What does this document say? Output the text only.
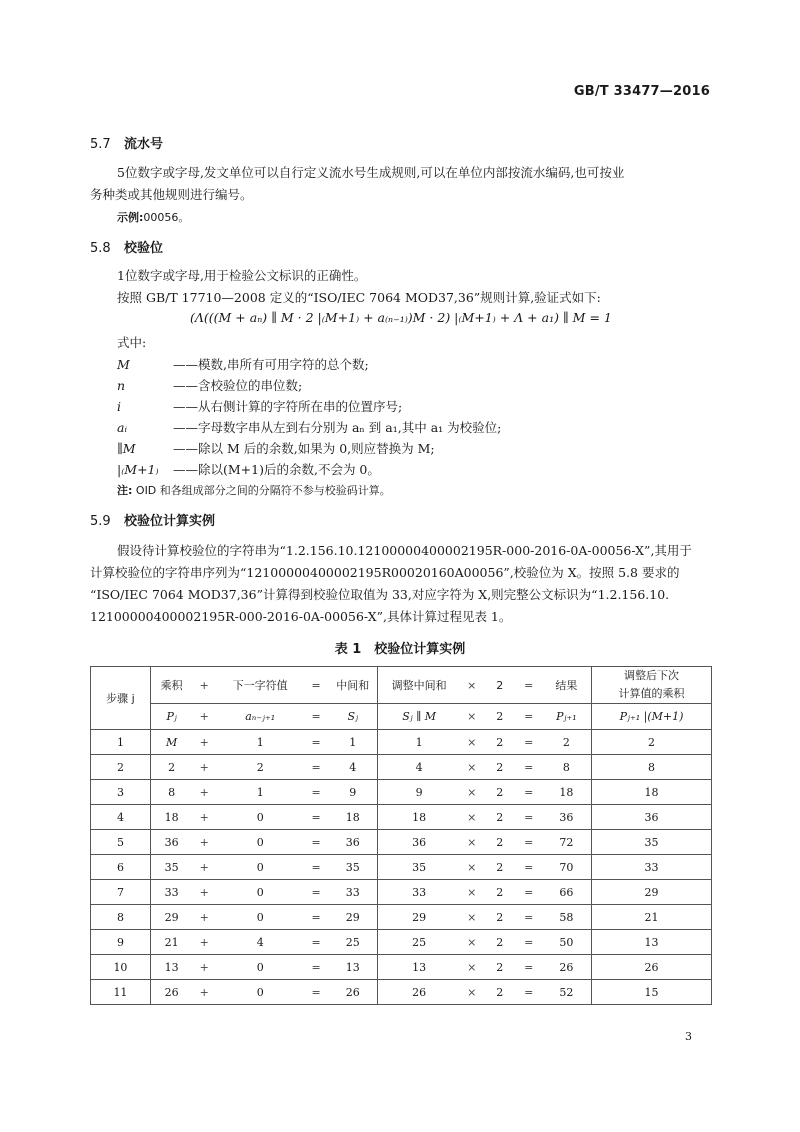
GB/T 33477—2016
5.7 流水号
5位数字或字母,发文单位可以自行定义流水号生成规则,可以在单位内部按流水编码,也可按业
务种类或其他规则进行编号。
示例:00056。
5.8 校验位
1位数字或字母,用于检验公文标识的正确性。
按照 GB/T 17710—2008 定义的“ISO/IEC 7064 MOD37,36”规则计算,验证式如下:
(Λ(((M + aₙ) ∥ M · 2 |₍M+1₎ + a₍ₙ₋₁₎)M · 2) |₍M+1₎ + Λ + a₁) ∥ M = 1
式中:
M	——模数,串所有可用字符的总个数;
n	——含校验位的串位数;
i	——从右侧计算的字符所在串的位置序号;
aᵢ	——字母数字串从左到右分别为 aₙ 到 a₁,其中 a₁ 为校验位;
∥M	——除以 M 后的余数,如果为 0,则应替换为 M;
|₍M+1₎ ——除以(M+1)后的余数,不会为 0。
注: OID 和各组成部分之间的分隔符不参与校验码计算。
5.9 校验位计算实例
假设待计算校验位的字符串为“1.2.156.10.12100000400002195R-000-2016-0A-00056-X”,其用于
计算校验位的字符串序列为“12100000400002195R00020160A00056”,校验位为 X。按照 5.8 要求的
“ISO/IEC 7064 MOD37,36”计算得到校验位取值为 33,对应字符为 X,则完整公文标识为“1.2.156.10.
12100000400002195R-000-2016-0A-00056-X”,具体计算过程见表 1。
表 1　校验位计算实例
步骤 j	乘积	+	下一字符值	=	中间和	调整中间和	×	2	=	结果	调整后下次
计算值的乘积
	Pⱼ	+	aₙ₋ⱼ₊₁	=	Sⱼ	Sⱼ ∥ M	×	2	=	Pⱼ₊₁	Pⱼ₊₁ |(M+1)
1	M	+	1	=	1	1	×	2	=	2	2
2	2	+	2	=	4	4	×	2	=	8	8
3	8	+	1	=	9	9	×	2	=	18	18
4	18	+	0	=	18	18	×	2	=	36	36
5	36	+	0	=	36	36	×	2	=	72	35
6	35	+	0	=	35	35	×	2	=	70	33
7	33	+	0	=	33	33	×	2	=	66	29
8	29	+	0	=	29	29	×	2	=	58	21
9	21	+	4	=	25	25	×	2	=	50	13
10	13	+	0	=	13	13	×	2	=	26	26
11	26	+	0	=	26	26	×	2	=	52	15
3
